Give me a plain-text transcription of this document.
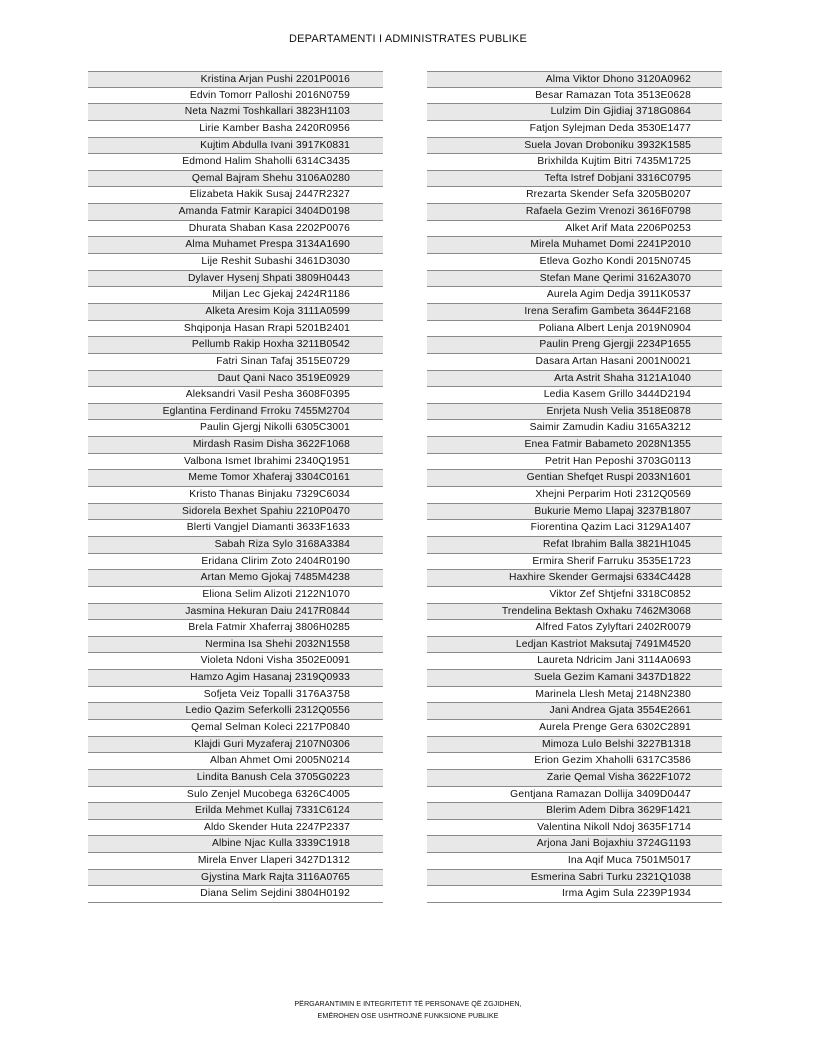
DEPARTAMENTI I ADMINISTRATES PUBLIKE
Kristina Arjan Pushi 2201P0016
Edvin Tomorr Palloshi 2016N0759
Neta Nazmi Toshkallari 3823H1103
Lirie Kamber Basha 2420R0956
Kujtim Abdulla Ivani 3917K0831
Edmond Halim Shaholli 6314C3435
Qemal Bajram Shehu 3106A0280
Elizabeta Hakik Susaj 2447R2327
Amanda Fatmir Karapici 3404D0198
Dhurata Shaban Kasa 2202P0076
Alma Muhamet Prespa 3134A1690
Lije Reshit Subashi 3461D3030
Dylaver Hysenj Shpati 3809H0443
Miljan Lec Gjekaj 2424R1186
Alketa Aresim Koja 3111A0599
Shqiponja Hasan Rrapi 5201B2401
Pellumb Rakip Hoxha 3211B0542
Fatri Sinan Tafaj 3515E0729
Daut Qani Naco 3519E0929
Aleksandri Vasil Pesha 3608F0395
Eglantina Ferdinand Frroku 7455M2704
Paulin Gjergj Nikolli 6305C3001
Mirdash Rasim Disha 3622F1068
Valbona Ismet Ibrahimi 2340Q1951
Meme Tomor Xhaferaj 3304C0161
Kristo Thanas Binjaku 7329C6034
Sidorela Bexhet Spahiu 2210P0470
Blerti Vangjel Diamanti 3633F1633
Sabah Riza Sylo 3168A3384
Eridana Clirim Zoto 2404R0190
Artan Memo Gjokaj 7485M4238
Eliona Selim Alizoti 2122N1070
Jasmina Hekuran Daiu 2417R0844
Brela Fatmir Xhaferraj 3806H0285
Nermina Isa Shehi 2032N1558
Violeta Ndoni Visha 3502E0091
Hamzo Agim Hasanaj 2319Q0933
Sofjeta Veiz Topalli 3176A3758
Ledio Qazim Seferkolli 2312Q0556
Qemal Selman Koleci 2217P0840
Klajdi Guri Myzaferaj 2107N0306
Alban Ahmet Omi 2005N0214
Lindita Banush Cela 3705G0223
Sulo Zenjel Mucobega 6326C4005
Erilda Mehmet Kullaj 7331C6124
Aldo Skender Huta 2247P2337
Albine Njac Kulla 3339C1918
Mirela Enver Llaperi 3427D1312
Gjystina Mark Rajta 3116A0765
Diana Selim Sejdini 3804H0192
Alma Viktor Dhono 3120A0962
Besar Ramazan Tota 3513E0628
Lulzim Din Gjidiaj 3718G0864
Fatjon Sylejman Deda 3530E1477
Suela Jovan Droboniku 3932K1585
Brixhilda Kujtim Bitri 7435M1725
Tefta Istref Dobjani 3316C0795
Rrezarta Skender Sefa 3205B0207
Rafaela Gezim Vrenozi 3616F0798
Alket Arif Mata 2206P0253
Mirela Muhamet Domi 2241P2010
Etleva Gozho Kondi 2015N0745
Stefan Mane Qerimi 3162A3070
Aurela Agim Dedja 3911K0537
Irena Serafim Gambeta 3644F2168
Poliana Albert Lenja 2019N0904
Paulin Preng Gjergji 2234P1655
Dasara Artan Hasani 2001N0021
Arta Astrit Shaha 3121A1040
Ledia Kasem Grillo 3444D2194
Enrjeta Nush Velia 3518E0878
Saimir Zamudin Kadiu 3165A3212
Enea Fatmir Babameto 2028N1355
Petrit Han Peposhi 3703G0113
Gentian Shefqet Ruspi 2033N1601
Xhejni Perparim Hoti 2312Q0569
Bukurie Memo Llapaj 3237B1807
Fiorentina Qazim Laci 3129A1407
Refat Ibrahim Balla 3821H1045
Ermira Sherif Farruku 3535E1723
Haxhire Skender Germajsi 6334C4428
Viktor Zef Shtjefni 3318C0852
Trendelina Bektash Oxhaku 7462M3068
Alfred Fatos Zylyftari 2402R0079
Ledjan Kastriot Maksutaj 7491M4520
Laureta Ndricim Jani 3114A0693
Suela Gezim Kamani 3437D1822
Marinela Llesh Metaj 2148N2380
Jani Andrea Gjata 3554E2661
Aurela Prenge Gera 6302C2891
Mimoza Lulo Belshi 3227B1318
Erion Gezim Xhaholli 6317C3586
Zarie Qemal Visha 3622F1072
Gentjana Ramazan Dollija 3409D0447
Blerim Adem Dibra 3629F1421
Valentina Nikoll Ndoj 3635F1714
Arjona Jani Bojaxhiu 3724G1193
Ina Aqif Muca 7501M5017
Esmerina Sabri Turku 2321Q1038
Irma Agim Sula 2239P1934
PËRGARANTIMIN E INTEGRITETIT TË PERSONAVE QË ZGJIDHEN,
EMËROHEN OSE USHTROJNË FUNKSIONE PUBLIKE
